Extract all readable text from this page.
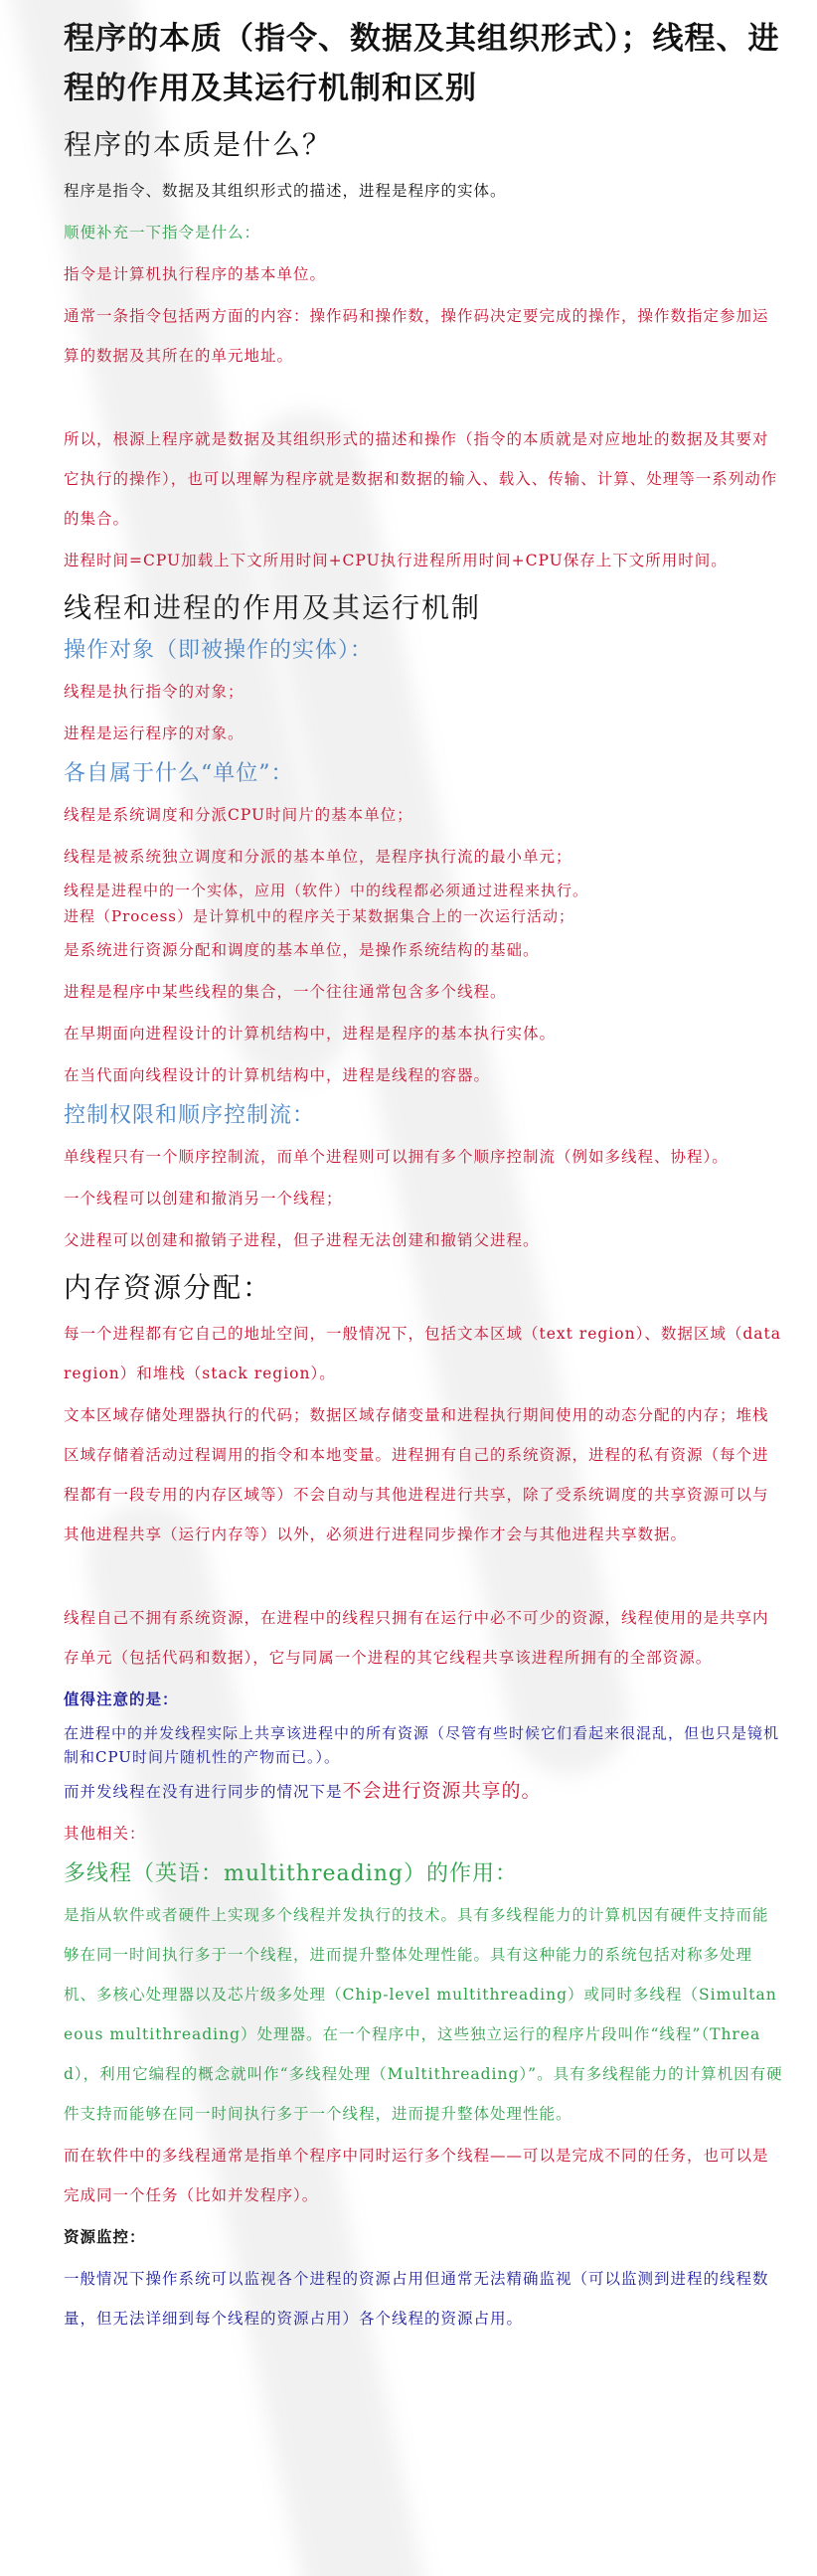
程序的本质（指令、数据及其组织形式）；线程、进程的作用及其运行机制和区别
程序的本质是什么？
程序是指令、数据及其组织形式的描述，进程是程序的实体。
顺便补充一下指令是什么：
指令是计算机执行程序的基本单位。
通常一条指令包括两方面的内容：操作码和操作数，操作码决定要完成的操作，操作数指定参加运算的数据及其所在的单元地址。
所以，根源上程序就是数据及其组织形式的描述和操作（指令的本质就是对应地址的数据及其要对它执行的操作），也可以理解为程序就是数据和数据的输入、载入、传输、计算、处理等一系列动作的集合。
进程时间=CPU加载上下文所用时间+CPU执行进程所用时间+CPU保存上下文所用时间。
线程和进程的作用及其运行机制
操作对象（即被操作的实体）：
线程是执行指令的对象；
进程是运行程序的对象。
各自属于什么“单位”：
线程是系统调度和分派CPU时间片的基本单位；
线程是被系统独立调度和分派的基本单位，是程序执行流的最小单元；
线程是进程中的一个实体，应用（软件）中的线程都必须通过进程来执行。
进程（Process）是计算机中的程序关于某数据集合上的一次运行活动；
是系统进行资源分配和调度的基本单位，是操作系统结构的基础。
进程是程序中某些线程的集合，一个往往通常包含多个线程。
在早期面向进程设计的计算机结构中，进程是程序的基本执行实体。
在当代面向线程设计的计算机结构中，进程是线程的容器。
控制权限和顺序控制流：
单线程只有一个顺序控制流，而单个进程则可以拥有多个顺序控制流（例如多线程、协程）。
一个线程可以创建和撤消另一个线程；
父进程可以创建和撤销子进程，但子进程无法创建和撤销父进程。
内存资源分配：
每一个进程都有它自己的地址空间，一般情况下，包括文本区域（text region）、数据区域（data region）和堆栈（stack region）。
文本区域存储处理器执行的代码；数据区域存储变量和进程执行期间使用的动态分配的内存；堆栈区域存储着活动过程调用的指令和本地变量。进程拥有自己的系统资源，进程的私有资源（每个进程都有一段专用的内存区域等）不会自动与其他进程进行共享，除了受系统调度的共享资源可以与其他进程共享（运行内存等）以外，必须进行进程同步操作才会与其他进程共享数据。
线程自己不拥有系统资源，在进程中的线程只拥有在运行中必不可少的资源，线程使用的是共享内存单元（包括代码和数据），它与同属一个进程的其它线程共享该进程所拥有的全部资源。
值得注意的是：
在进程中的并发线程实际上共享该进程中的所有资源（尽管有些时候它们看起来很混乱，但也只是镜机制和CPU时间片随机性的产物而已。）。
而并发线程在没有进行同步的情况下是不会进行资源共享的。
其他相关：
多线程（英语：multithreading）的作用：
是指从软件或者硬件上实现多个线程并发执行的技术。具有多线程能力的计算机因有硬件支持而能够在同一时间执行多于一个线程，进而提升整体处理性能。具有这种能力的系统包括对称多处理机、多核心处理器以及芯片级多处理（Chip-level multithreading）或同时多线程（Simultaneous multithreading）处理器。在一个程序中，这些独立运行的程序片段叫作“线程”（Thread），利用它编程的概念就叫作“多线程处理（Multithreading）”。具有多线程能力的计算机因有硬件支持而能够在同一时间执行多于一个线程，进而提升整体处理性能。
而在软件中的多线程通常是指单个程序中同时运行多个线程——可以是完成不同的任务，也可以是完成同一个任务（比如并发程序）。
资源监控：
一般情况下操作系统可以监视各个进程的资源占用但通常无法精确监视（可以监测到进程的线程数量，但无法详细到每个线程的资源占用）各个线程的资源占用。
